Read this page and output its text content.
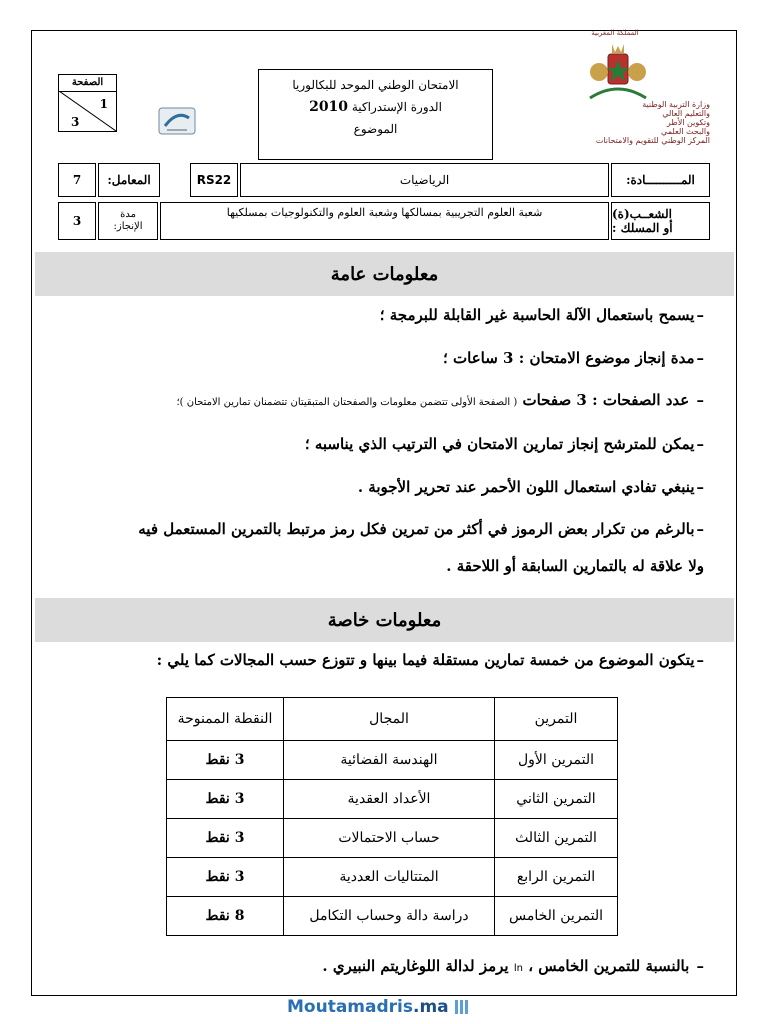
المملكة المغربية
وزارة التربية الوطنية
والتعليم العالي
وتكوين الأطر
والبحث العلمي
المركز الوطني للتقويم والامتحانات
الامتحان الوطني الموحد للبكالوريا
الدورة الإستدراكية 2010
الموضوع
الصفحة
1
3
المــــــــــادة:
الرياضيات
RS22
المعامل:
7
الشعــب(ة)
أو المسلك :
شعبة العلوم التجريبية بمسالكها وشعبة العلوم والتكنولوجيات بمسلكيها
مدة
الإنجاز:
3
معلومات عامة
– يسمح باستعمال الآلة الحاسبة غير القابلة للبرمجة ؛
– مدة إنجاز موضوع الامتحان : 3 ساعات ؛
– عدد الصفحات : 3 صفحات ( الصفحة الأولى تتضمن معلومات والصفحتان المتبقيتان تتضمنان تمارين الامتحان )؛
– يمكن للمترشح إنجاز تمارين الامتحان في الترتيب الذي يناسبه ؛
– ينبغي تفادي استعمال اللون الأحمر عند تحرير الأجوبة .
– بالرغم من تكرار بعض الرموز في أكثر من تمرين فكل رمز مرتبط بالتمرين المستعمل فيه
ولا علاقة له بالتمارين السابقة أو اللاحقة .
معلومات خاصة
– يتكون الموضوع من خمسة تمارين مستقلة فيما بينها و تتوزع حسب المجالات كما يلي :
التمرين	المجال	النقطة الممنوحة
التمرين الأول	الهندسة الفضائية	3 نقط
التمرين الثاني	الأعداد العقدية	3 نقط
التمرين الثالث	حساب الاحتمالات	3 نقط
التمرين الرابع	المتتاليات العددية	3 نقط
التمرين الخامس	دراسة دالة وحساب التكامل	8 نقط
– بالنسبة للتمرين الخامس ، ln يرمز لدالة اللوغاريتم النبيري .
Moutamadris.ma
